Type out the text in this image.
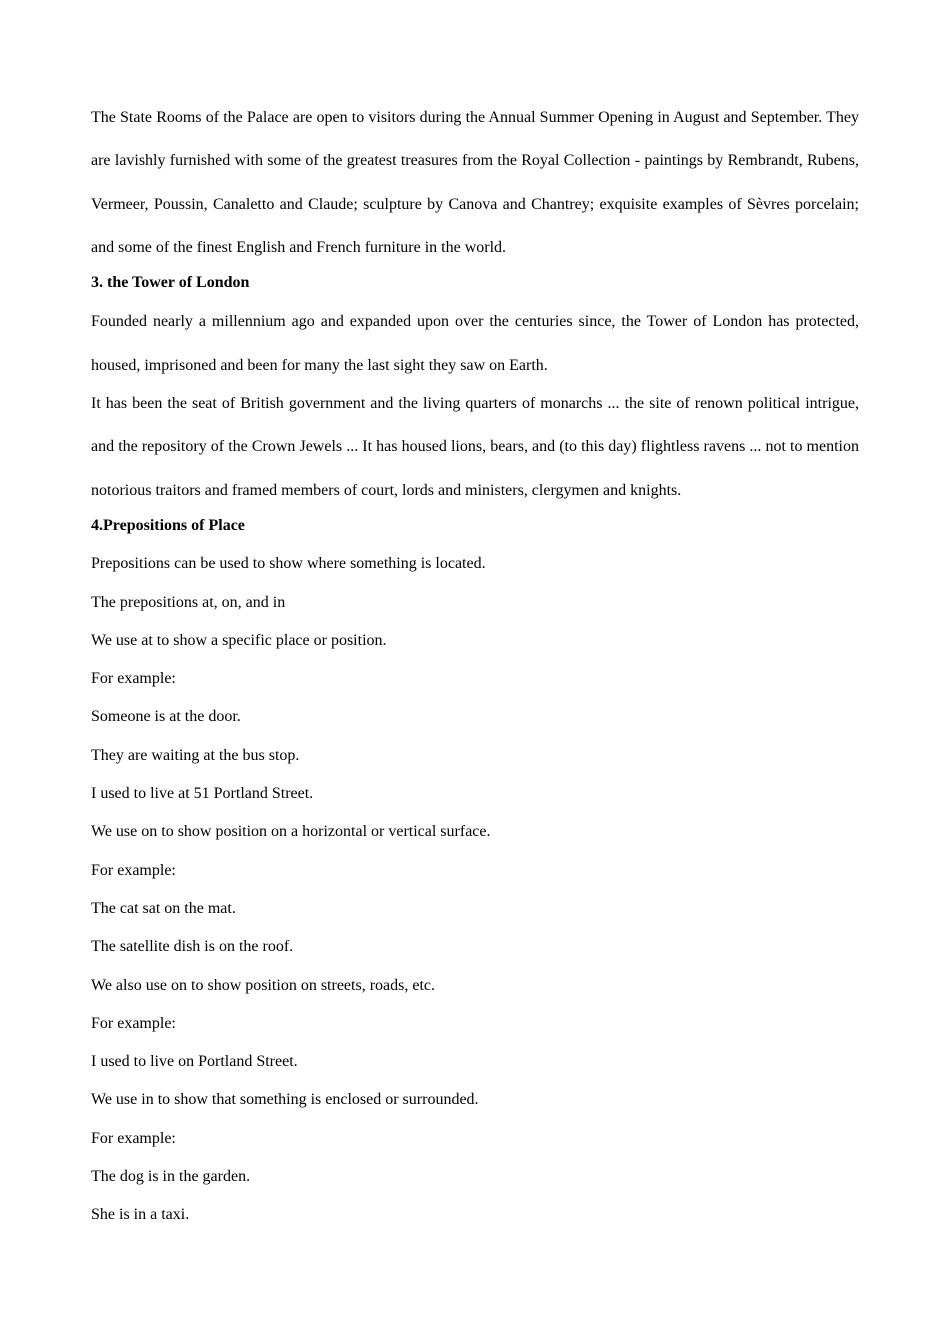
The State Rooms of the Palace are open to visitors during the Annual Summer Opening in August and September. They are lavishly furnished with some of the greatest treasures from the Royal Collection - paintings by Rembrandt, Rubens, Vermeer, Poussin, Canaletto and Claude; sculpture by Canova and Chantrey; exquisite examples of Sèvres porcelain; and some of the finest English and French furniture in the world.

3. the Tower of London

Founded nearly a millennium ago and expanded upon over the centuries since, the Tower of London has protected, housed, imprisoned and been for many the last sight they saw on Earth.

It has been the seat of British government and the living quarters of monarchs ... the site of renown political intrigue, and the repository of the Crown Jewels ... It has housed lions, bears, and (to this day) flightless ravens ... not to mention notorious traitors and framed members of court, lords and ministers, clergymen and knights.

4.Prepositions of Place

Prepositions can be used to show where something is located.

The prepositions at, on, and in

We use at to show a specific place or position.

For example:

Someone is at the door.

They are waiting at the bus stop.

I used to live at 51 Portland Street.

We use on to show position on a horizontal or vertical surface.

For example:

The cat sat on the mat.

The satellite dish is on the roof.

We also use on to show position on streets, roads, etc.

For example:

I used to live on Portland Street.

We use in to show that something is enclosed or surrounded.

For example:

The dog is in the garden.

She is in a taxi.
